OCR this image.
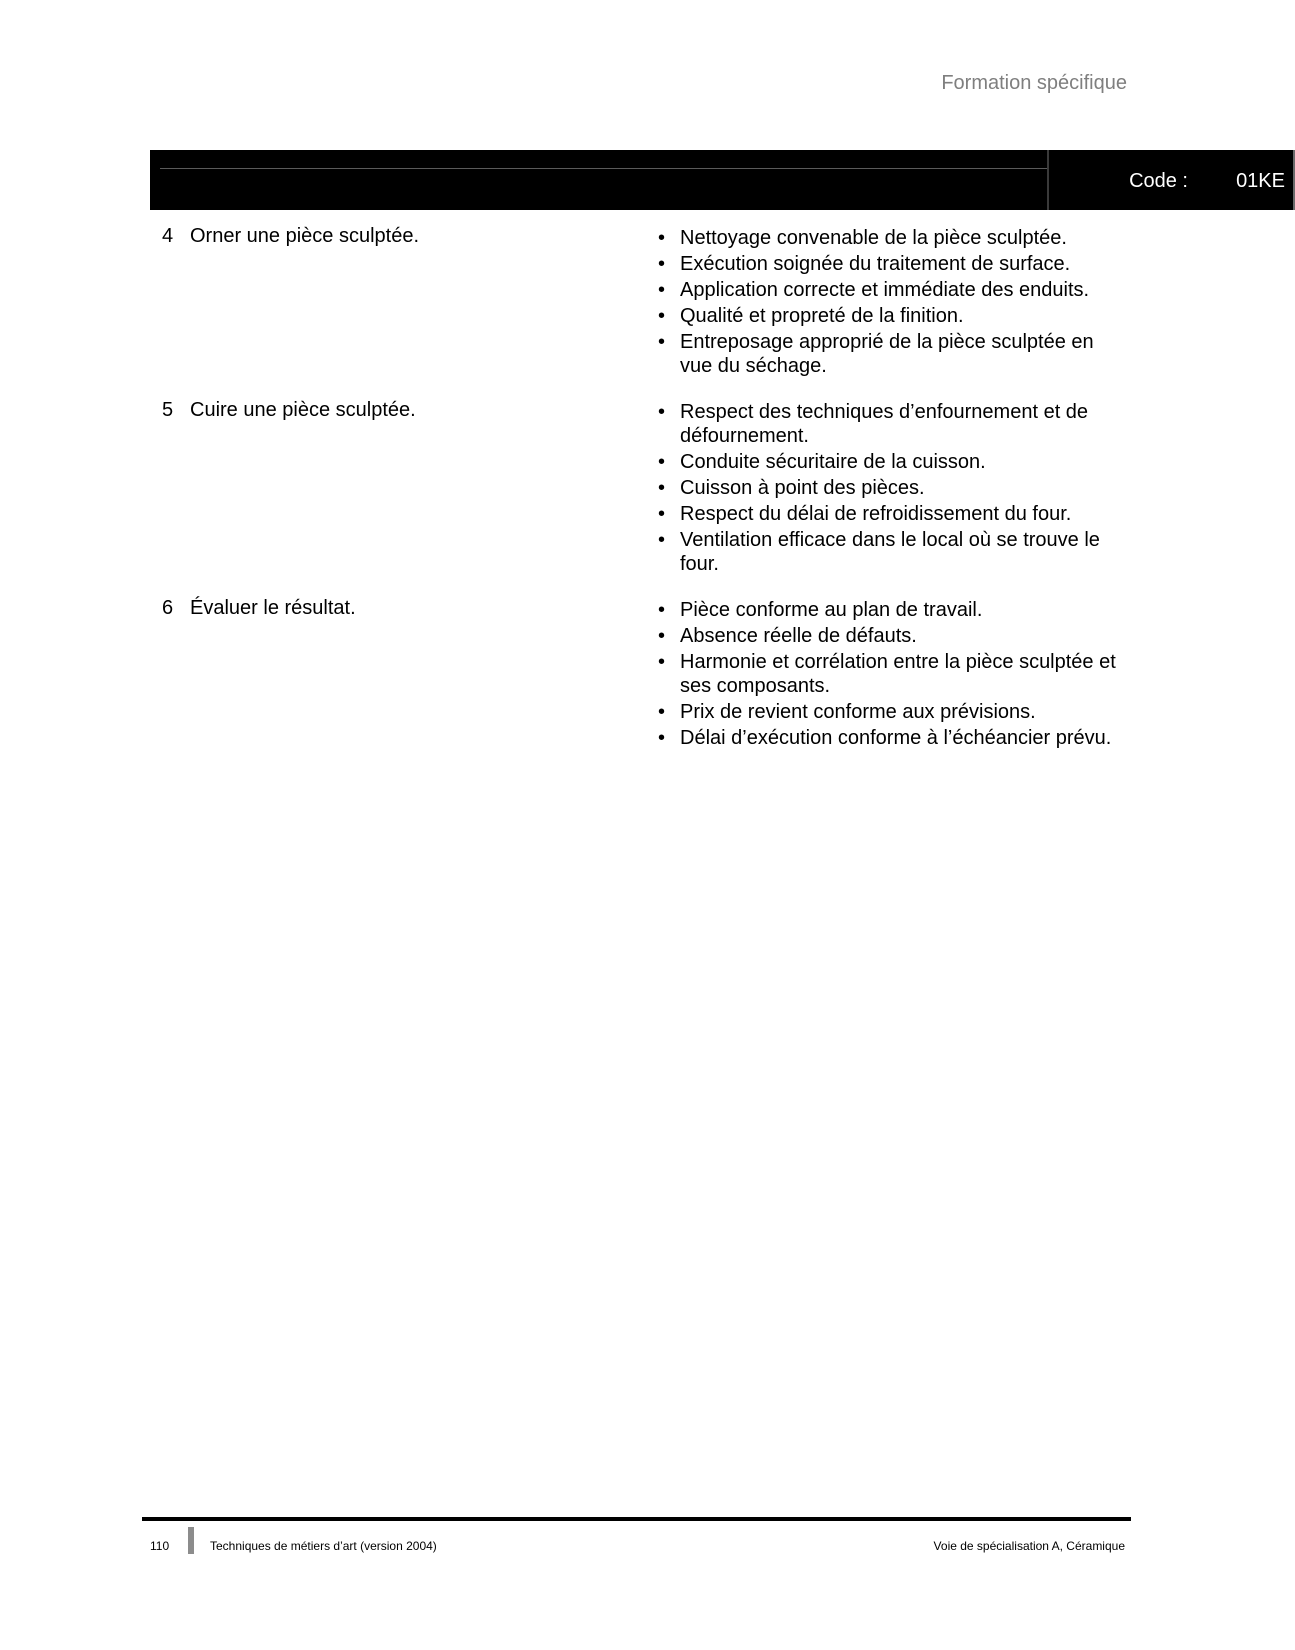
Formation spécifique
Code : 01KE
4 Orner une pièce sculptée.	• Nettoyage convenable de la pièce sculptée.
• Exécution soignée du traitement de surface.
• Application correcte et immédiate des enduits.
• Qualité et propreté de la finition.
• Entreposage approprié de la pièce sculptée en vue du séchage.
5 Cuire une pièce sculptée.	• Respect des techniques d’enfournement et de défournement.
• Conduite sécuritaire de la cuisson.
• Cuisson à point des pièces.
• Respect du délai de refroidissement du four.
• Ventilation efficace dans le local où se trouve le four.
6 Évaluer le résultat.	• Pièce conforme au plan de travail.
• Absence réelle de défauts.
• Harmonie et corrélation entre la pièce sculptée et ses composants.
• Prix de revient conforme aux prévisions.
• Délai d’exécution conforme à l’échéancier prévu.
110	Techniques de métiers d’art (version 2004)	Voie de spécialisation A, Céramique
